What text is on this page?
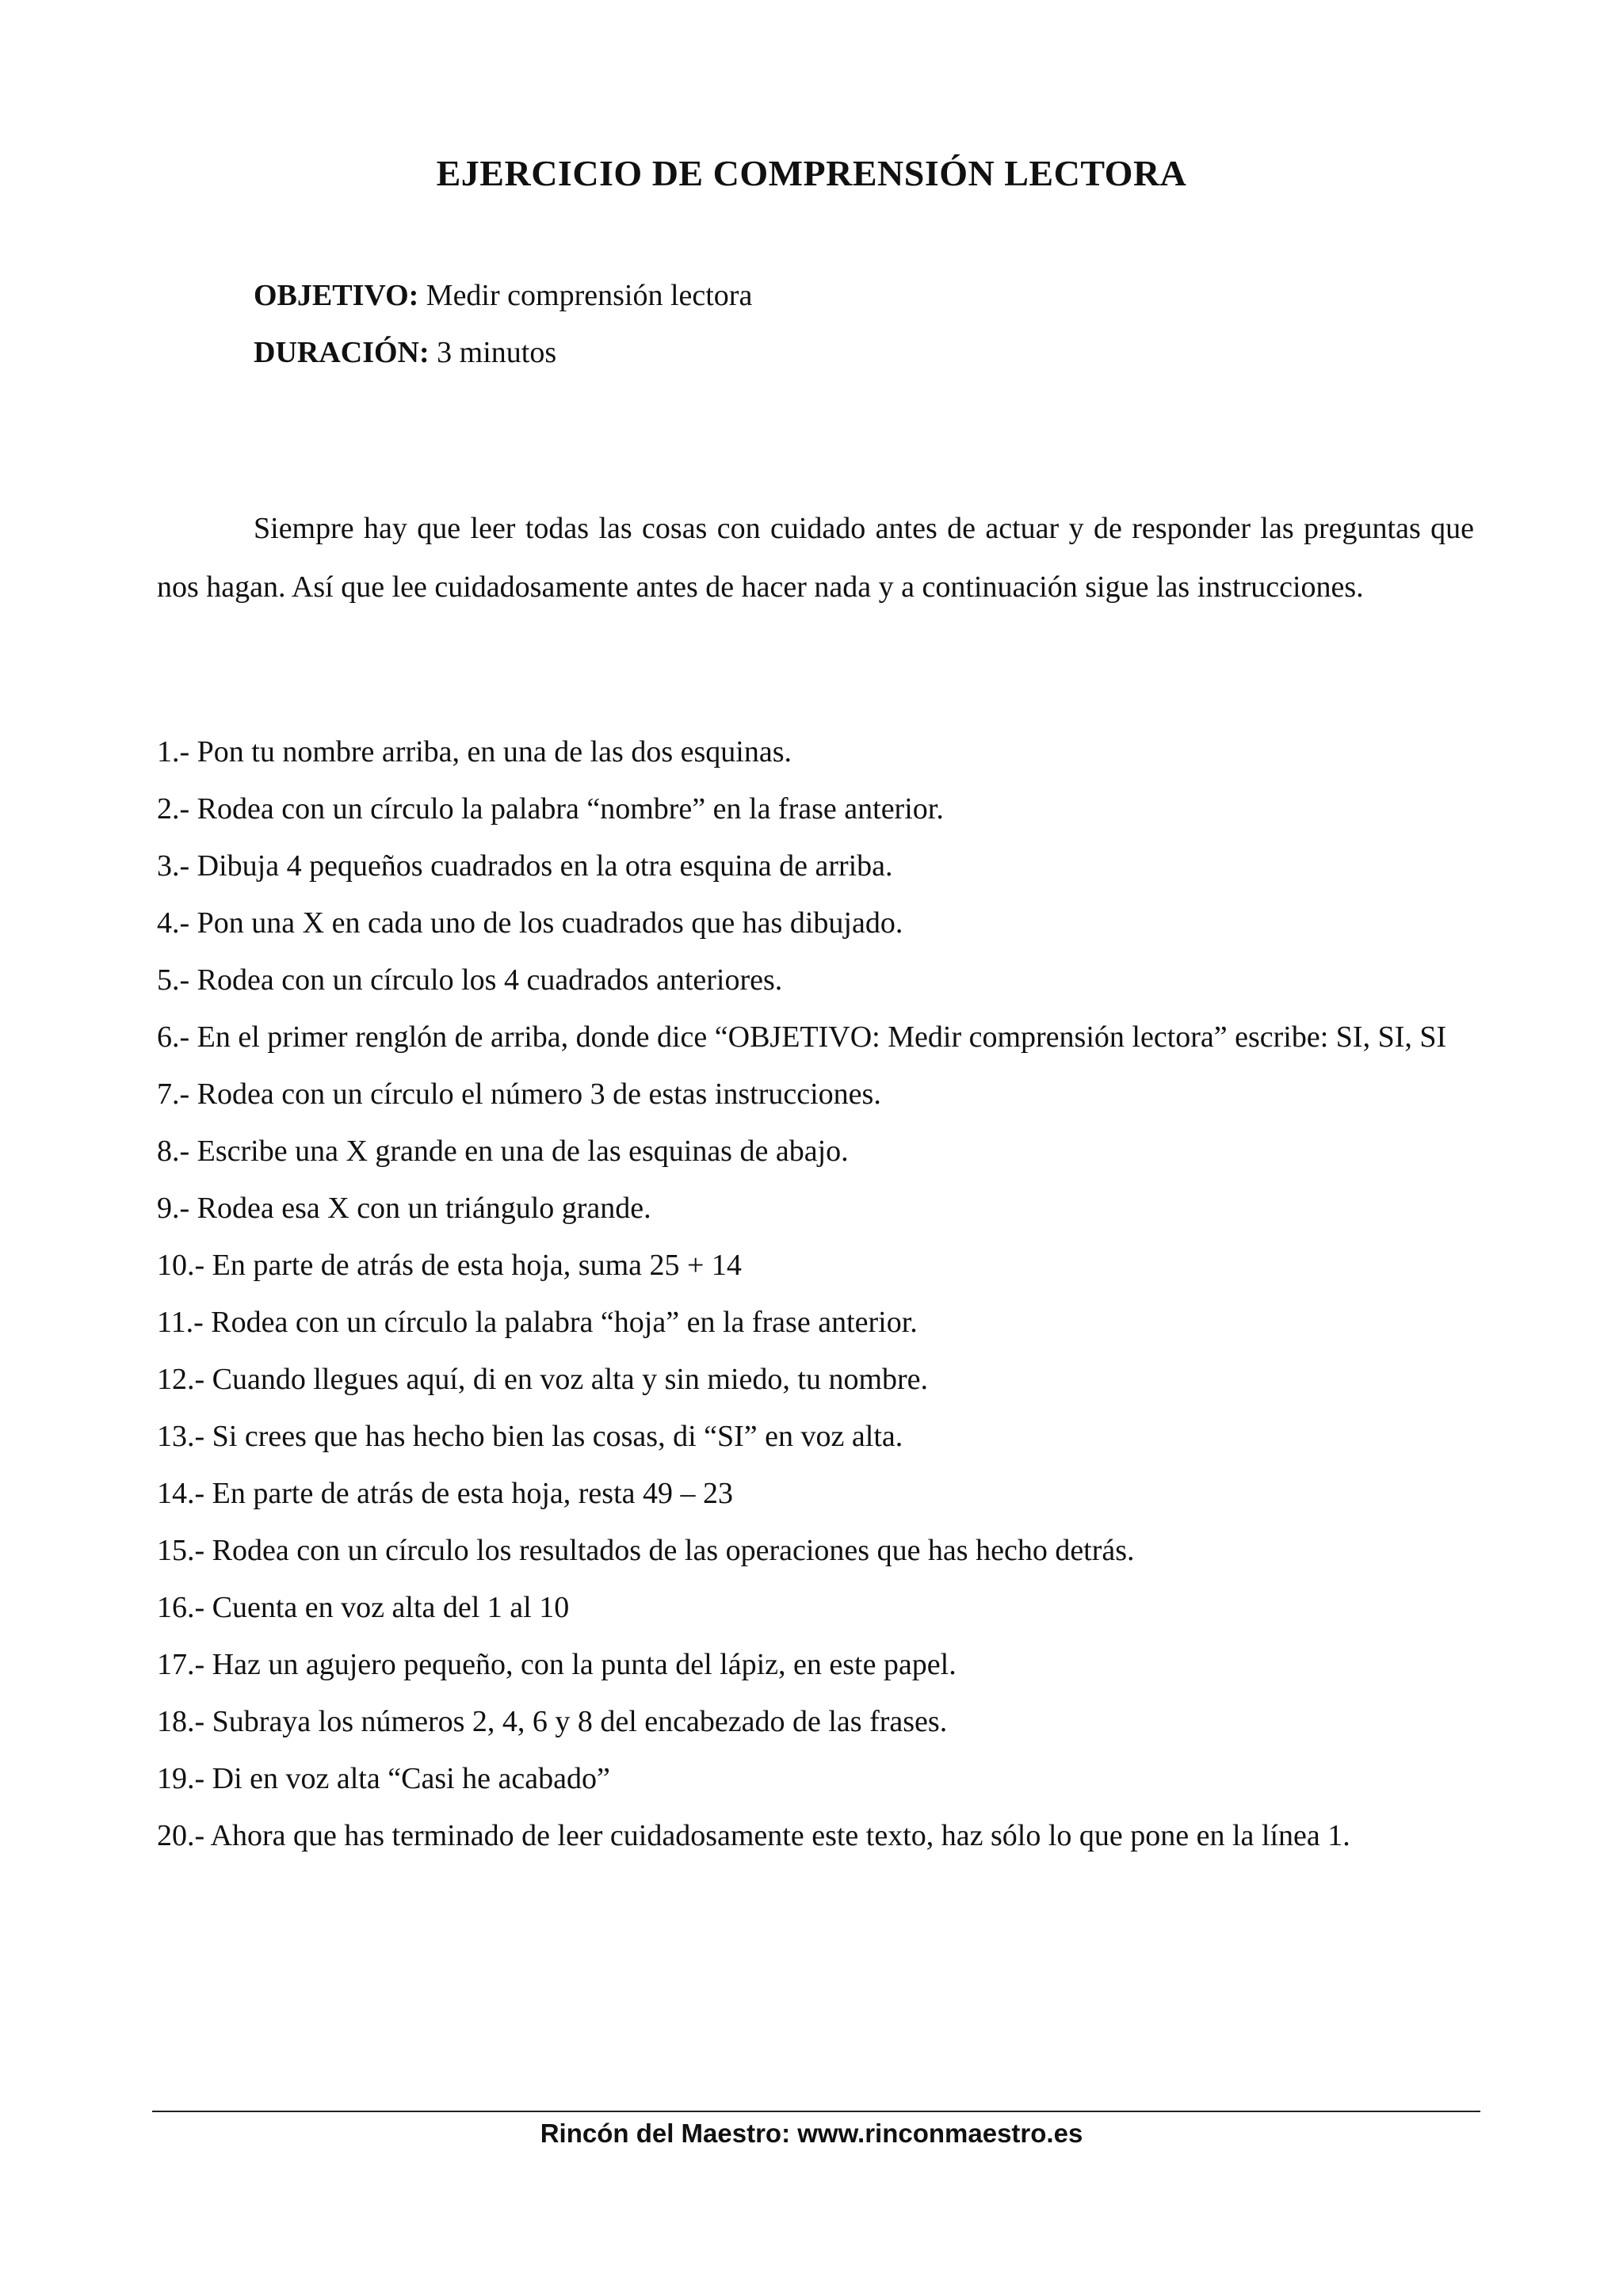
EJERCICIO DE COMPRENSIÓN LECTORA
OBJETIVO: Medir comprensión lectora
DURACIÓN: 3 minutos

Siempre hay que leer todas las cosas con cuidado antes de actuar y de responder las preguntas que nos hagan. Así que lee cuidadosamente antes de hacer nada y a continuación sigue las instrucciones.

1.- Pon tu nombre arriba, en una de las dos esquinas.
2.- Rodea con un círculo la palabra “nombre” en la frase anterior.
3.- Dibuja 4 pequeños cuadrados en la otra esquina de arriba.
4.- Pon una X en cada uno de los cuadrados que has dibujado.
5.- Rodea con un círculo los 4 cuadrados anteriores.
6.- En el primer renglón de arriba, donde dice “OBJETIVO: Medir comprensión lectora” escribe: SI, SI, SI
7.- Rodea con un círculo el número 3 de estas instrucciones.
8.- Escribe una X grande en una de las esquinas de abajo.
9.- Rodea esa X con un triángulo grande.
10.- En parte de atrás de esta hoja, suma 25 + 14
11.- Rodea con un círculo la palabra “hoja” en la frase anterior.
12.- Cuando llegues aquí, di en voz alta y sin miedo, tu nombre.
13.- Si crees que has hecho bien las cosas, di “SI” en voz alta.
14.- En parte de atrás de esta hoja, resta 49 – 23
15.- Rodea con un círculo los resultados de las operaciones que has hecho detrás.
16.- Cuenta en voz alta del 1 al 10
17.- Haz un agujero pequeño, con la punta del lápiz, en este papel.
18.- Subraya los números 2, 4, 6 y 8 del encabezado de las frases.
19.- Di en voz alta “Casi he acabado”
20.- Ahora que has terminado de leer cuidadosamente este texto, haz sólo lo que pone en la línea 1.
Rincón del Maestro: www.rinconmaestro.es
